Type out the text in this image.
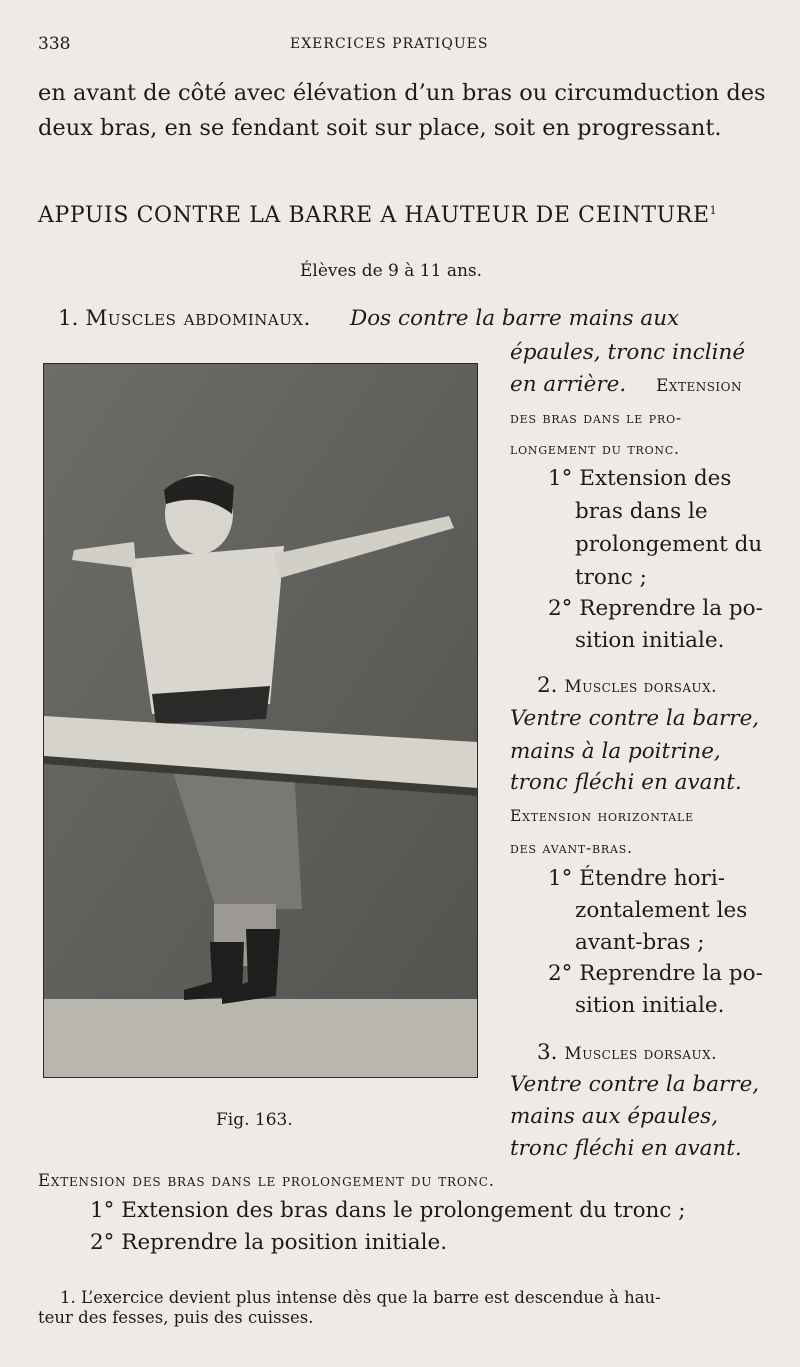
338	EXERCICES PRATIQUES
en avant de côté avec élévation d’un bras ou circumduction des
deux bras, en se fendant soit sur place, soit en progressant.
APPUIS CONTRE LA BARRE A HAUTEUR DE CEINTURE$^1$
Élèves de 9 à 11 ans.
1. Muscles abdominaux. Dos contre la barre mains aux
épaules, tronc incliné
en arrière. Extension
des bras dans le pro-
longement du tronc.
1° Extension des
bras dans le
prolongement du
tronc ;
2° Reprendre la po-
sition initiale.
2. Muscles dorsaux.
Ventre contre la barre,
mains à la poitrine,
tronc fléchi en avant.
Extension horizontale
des avant-bras.
1° Étendre hori-
zontalement les
avant-bras ;
2° Reprendre la po-
sition initiale.
3. Muscles dorsaux.
Ventre contre la barre,
mains aux épaules,
tronc fléchi en avant.
Fig. 163.
Extension des bras dans le prolongement du tronc.
1° Extension des bras dans le prolongement du tronc ;
2° Reprendre la position initiale.
1. L’exercice devient plus intense dès que la barre est descendue à hau-
teur des fesses, puis des cuisses.
